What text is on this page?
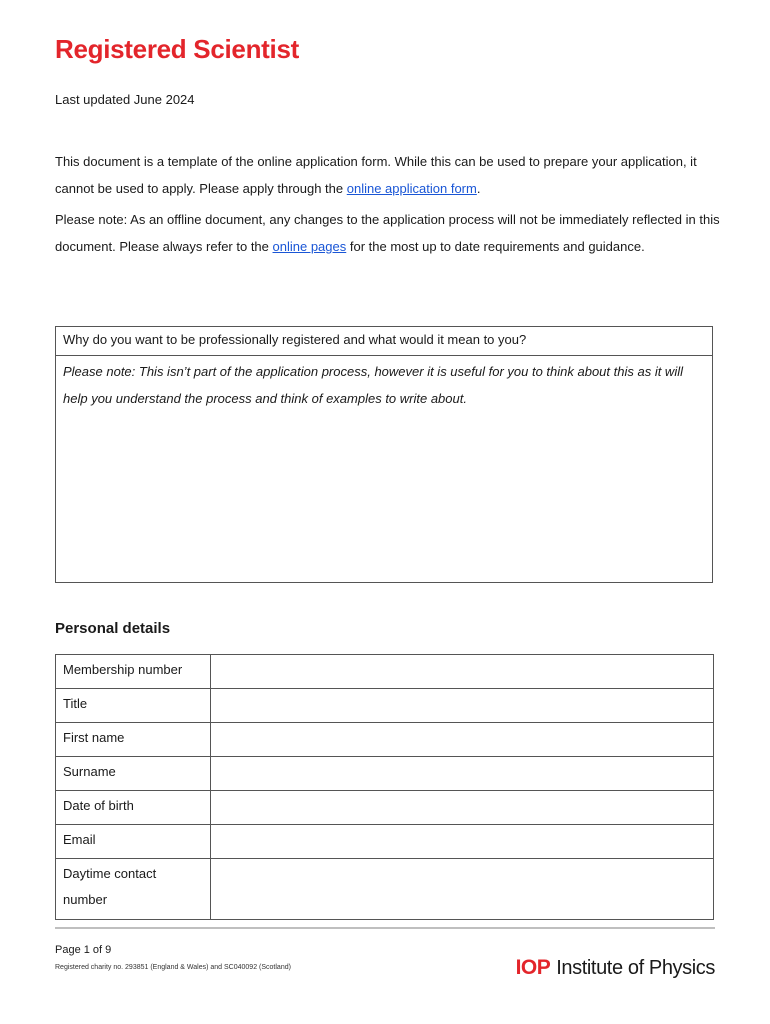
Registered Scientist
Last updated June 2024

This document is a template of the online application form. While this can be used to prepare your application, it cannot be used to apply. Please apply through the online application form.

Please note: As an offline document, any changes to the application process will not be immediately reflected in this document. Please always refer to the online pages for the most up to date requirements and guidance.

Why do you want to be professionally registered and what would it mean to you?
Please note: This isn’t part of the application process, however it is useful for you to think about this as it will help you understand the process and think of examples to write about.
Personal details
Membership number	
Title	
First name	
Surname	
Date of birth	
Email	
Daytime contact number	
Page 1 of 9
Registered charity no. 293851 (England & Wales) and SC040092 (Scotland)	IOP Institute of Physics
